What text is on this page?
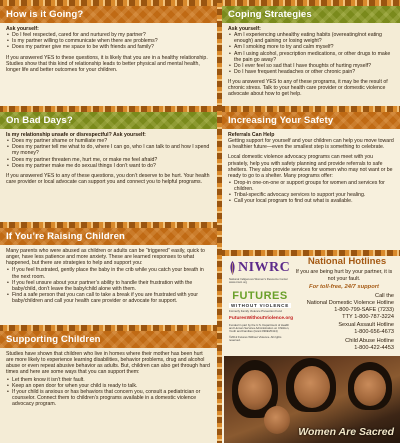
How is it Going?
Ask yourself:
• Do I feel respected, cared for and nurtured by my partner?
• Is my partner willing to communicate when there are problems?
• Does my partner give me space to be with friends and family?

If you answered YES to these questions, it is likely that you are in a healthy relationship. Studies show that this kind of relationship leads to better physical and mental health, longer life and better outcomes for your children.

On Bad Days?
Is my relationship unsafe or disrespectful? Ask yourself:
• Does my partner shame or humiliate me?
• Does my partner tell me what to do, where I can go, who I can talk to and how I spend my money?
• Does my partner threaten me, hurt me, or make me feel afraid?
• Does my partner make me do sexual things I don’t want to do?

If you answered YES to any of these questions, you don’t deserve to be hurt. Your health care provider or local advocate can support you and connect you to helpful programs.

If You’re Raising Children

Many parents who were abused as children or adults can be “triggered” easily, quick to anger, have less patience and more anxiety. These are learned responses to what happened, but there are strategies to help and support you:

• If you feel frustrated, gently place the baby in the crib while you catch your breath in the next room.
• If you feel unsure about your partner’s ability to handle their frustration with the baby/child, don’t leave the baby/child alone with them.
• Find a safe person that you can call to take a break if you are frustrated with your baby/children and call your health care provider or advocate for support.
Supporting Children

Studies have shown that children who live in homes where their mother has been hurt are more likely to experience learning disabilities, behavior problems, drug and alcohol abuse or even repeat abusive behavior as adults. But, children can also get through hard times and here are some ways that you can support them:

• Let them know it isn’t their fault.
• Keep an open door for when your child is ready to talk.
• If your child is anxious or has behaviors that concern you, consult a pediatrician or counselor. Connect them to children’s programs available in a domestic violence advocacy program.
Coping Strategies
Ask yourself:
• Am I experiencing unhealthy eating habits (overeating/not eating enough) and gaining or losing weight?
• Am I smoking more to try and calm myself?
• Am I using alcohol, prescription medications, or other drugs to make the pain go away?
• Do I ever feel so sad that I have thoughts of hurting myself?
• Do I have frequent headaches or other chronic pain?

If you answered YES to any of these programs, it may be the result of chronic stress. Talk to your health care provider or domestic violence advocate about how to get help.

Increasing Your Safety
Referrals Can Help

Getting support for yourself and your children can help you move toward a healthier future—even the smallest step is something to celebrate.

Local domestic violence advocacy programs can meet with you privately, help you with safety planning and provide referrals to safe shelters. They also provide services for women who may not want or be ready to go to a shelter. Many programs offer:

• Drop-in one-on-one or support groups for women and services for children.
• Tribal-specific advocacy services to support your healing.
• Call your local program to find out what is available.
NIWRC
National Indigenous Women's Resource Center www.niwrc.org
FUTURES
WITHOUT VIOLENCE
Formerly Family Violence Prevention Fund
FuturesWithoutViolence.org
Funded in part by the U.S. Department of Health and Human Services Administration on Children, Youth and Families (Grant #90EV0414)
©2012 Futures Without Violence. All rights reserved.
National Hotlines
If you are being hurt by your partner, it is not your fault.
For toll-free, 24/7 support
Call the
National Domestic Violence Hotline
1-800-799-SAFE (7233)
TTY 1-800-787-3224
Sexual Assault Hotline
1-800-656-4673
Child Abuse Hotline
1-800-422-4453
Women Are Sacred
